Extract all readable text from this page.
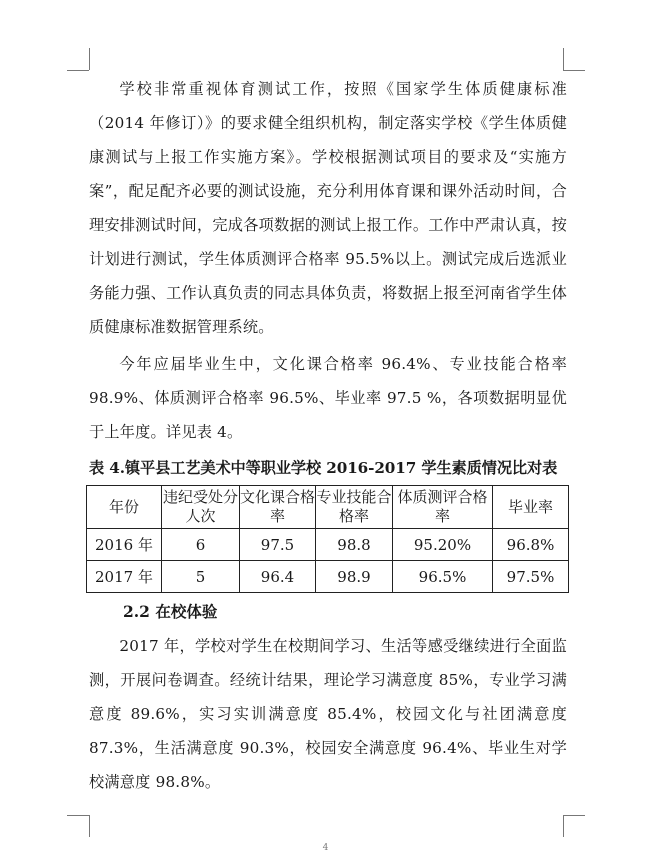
学校非常重视体育测试工作，按照《国家学生体质健康标准（2014 年修订）》的要求健全组织机构，制定落实学校《学生体质健康测试与上报工作实施方案》。学校根据测试项目的要求及“实施方案”，配足配齐必要的测试设施，充分利用体育课和课外活动时间，合理安排测试时间，完成各项数据的测试上报工作。工作中严肃认真，按计划进行测试，学生体质测评合格率 95.5%以上。测试完成后选派业务能力强、工作认真负责的同志具体负责，将数据上报至河南省学生体质健康标准数据管理系统。

今年应届毕业生中，文化课合格率 96.4%、专业技能合格率 98.9%、体质测评合格率 96.5%、毕业率 97.5 %，各项数据明显优于上年度。详见表 4。

表 4.镇平县工艺美术中等职业学校 2016-2017 学生素质情况比对表
年份	违纪受处分人次	文化课合格率	专业技能合格率	体质测评合格率	毕业率
2016 年	6	97.5	98.8	95.20%	96.8%
2017 年	5	96.4	98.9	96.5%	97.5%
2.2 在校体验

2017 年，学校对学生在校期间学习、生活等感受继续进行全面监测，开展问卷调查。经统计结果，理论学习满意度 85%，专业学习满意度 89.6%，实习实训满意度 85.4%，校园文化与社团满意度 87.3%，生活满意度 90.3%，校园安全满意度 96.4%、毕业生对学校满意度 98.8%。

4
